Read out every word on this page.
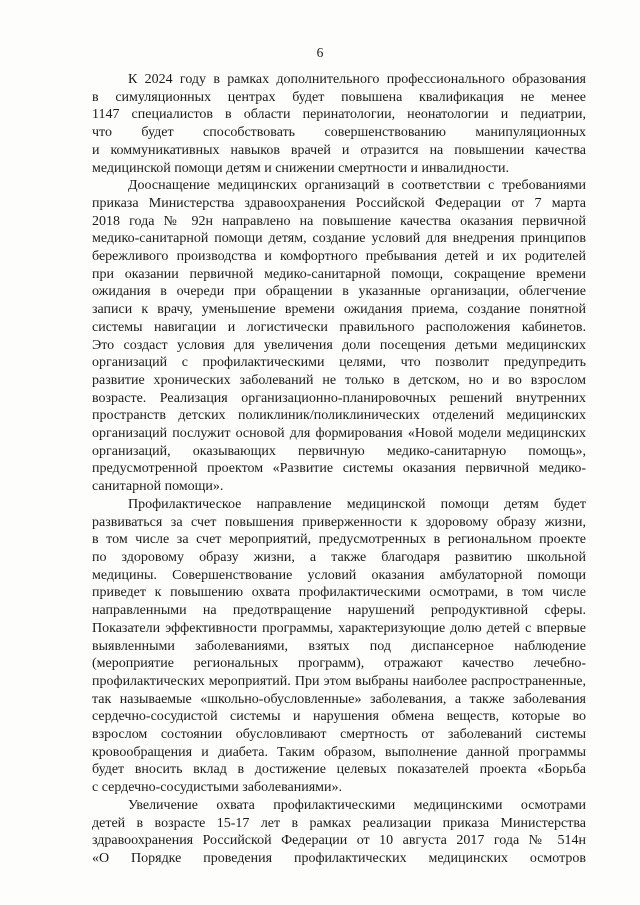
6
К 2024 году в рамках дополнительного профессионального образования
в симуляционных центрах будет повышена квалификация не менее
1147 специалистов в области перинатологии, неонатологии и педиатрии,
что будет способствовать совершенствованию манипуляционных
и коммуникативных навыков врачей и отразится на повышении качества
медицинской помощи детям и снижении смертности и инвалидности.
Дооснащение медицинских организаций в соответствии с требованиями
приказа Министерства здравоохранения Российской Федерации от 7 марта
2018 года № 92н направлено на повышение качества оказания первичной
медико-санитарной помощи детям, создание условий для внедрения принципов
бережливого производства и комфортного пребывания детей и их родителей
при оказании первичной медико-санитарной помощи, сокращение времени
ожидания в очереди при обращении в указанные организации, облегчение
записи к врачу, уменьшение времени ожидания приема, создание понятной
системы навигации и логистически правильного расположения кабинетов.
Это создаст условия для увеличения доли посещения детьми медицинских
организаций с профилактическими целями, что позволит предупредить
развитие хронических заболеваний не только в детском, но и во взрослом
возрасте. Реализация организационно-планировочных решений внутренних
пространств детских поликлиник/поликлинических отделений медицинских
организаций послужит основой для формирования «Новой модели медицинских
организаций, оказывающих первичную медико-санитарную помощь»,
предусмотренной проектом «Развитие системы оказания первичной медико-
санитарной помощи».
Профилактическое направление медицинской помощи детям будет
развиваться за счет повышения приверженности к здоровому образу жизни,
в том числе за счет мероприятий, предусмотренных в региональном проекте
по здоровому образу жизни, а также благодаря развитию школьной
медицины. Совершенствование условий оказания амбулаторной помощи
приведет к повышению охвата профилактическими осмотрами, в том числе
направленными на предотвращение нарушений репродуктивной сферы.
Показатели эффективности программы, характеризующие долю детей с впервые
выявленными заболеваниями, взятых под диспансерное наблюдение
(мероприятие региональных программ), отражают качество лечебно-
профилактических мероприятий. При этом выбраны наиболее распространенные,
так называемые «школьно-обусловленные» заболевания, а также заболевания
сердечно-сосудистой системы и нарушения обмена веществ, которые во
взрослом состоянии обусловливают смертность от заболеваний системы
кровообращения и диабета. Таким образом, выполнение данной программы
будет вносить вклад в достижение целевых показателей проекта «Борьба
с сердечно-сосудистыми заболеваниями».
Увеличение охвата профилактическими медицинскими осмотрами
детей в возрасте 15-17 лет в рамках реализации приказа Министерства
здравоохранения Российской Федерации от 10 августа 2017 года № 514н
«О Порядке проведения профилактических медицинских осмотров
